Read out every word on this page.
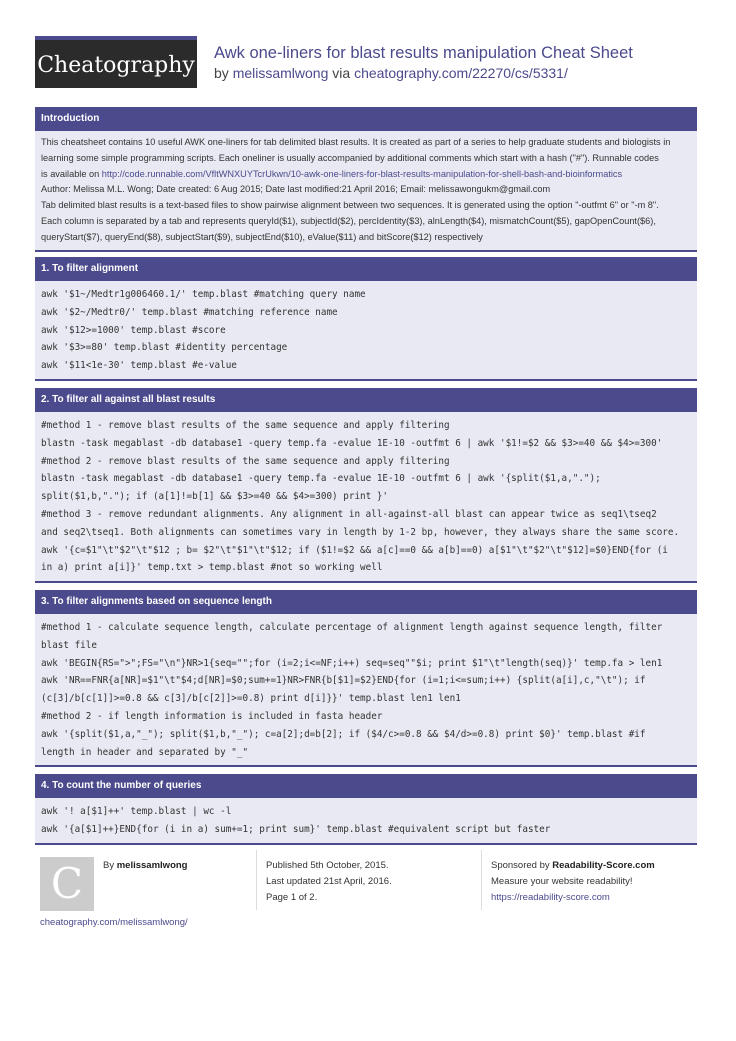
Cheatography Awk one-liners for blast results manipulation Cheat Sheet
by melissamlwong via cheatography.com/22270/cs/5331/
Introduction
This cheatsheet contains 10 useful AWK one-liners for tab delimited blast results. It is created as part of a series to help graduate students and biologists in
learning some simple programming scripts. Each oneliner is usually accompanied by additional comments which start with a hash ("#"). Runnable codes
is available on http://code.runnable.com/VfltWNXUYTcrUkwn/10-awk-one-liners-for-blast-results-manipulation-for-shell-bash-and-bioinformatics
Author: Melissa M.L. Wong; Date created: 6 Aug 2015; Date last modified:21 April 2016; Email: melissawongukm@gmail.com
Tab delimited blast results is a text-based files to show pairwise alignment between two sequences. It is generated using the option "-outfmt 6" or "-m 8".
Each column is separated by a tab and represents queryId($1), subjectId($2), percIdentity($3), alnLength($4), mismatchCount($5), gapOpenCount($6),
queryStart($7), queryEnd($8), subjectStart($9), subjectEnd($10), eValue($11) and bitScore($12) respectively
1. To filter alignment
awk '$1~/Medtr1g006460.1/' temp.blast #matching query name
awk '$2~/Medtr0/' temp.blast #matching reference name
awk '$12>=1000' temp.blast #score
awk '$3>=80' temp.blast #identity percentage
awk '$11<1e-30' temp.blast #e-value
2. To filter all against all blast results
#method 1 - remove blast results of the same sequence and apply filtering
blastn -task megablast -db database1 -query temp.fa -evalue 1E-10 -outfmt 6 | awk '$1!=$2 && $3>=40 && $4>=300'
#method 2 - remove blast results of the same sequence and apply filtering
blastn -task megablast -db database1 -query temp.fa -evalue 1E-10 -outfmt 6 | awk '{split($1,a,".");
split($1,b,"."); if (a[1]!=b[1] && $3>=40 && $4>=300) print }'
#method 3 - remove redundant alignments. Any alignment in all-against-all blast can appear twice as seq1\tseq2
and seq2\tseq1. Both alignments can sometimes vary in length by 1-2 bp, however, they always share the same score.
awk '{c=$1"\t"$2"\t"$12 ; b= $2"\t"$1"\t"$12; if ($1!=$2 && a[c]==0 && a[b]==0) a[$1"\t"$2"\t"$12]=$0}END{for (i
in a) print a[i]}' temp.txt > temp.blast #not so working well
3. To filter alignments based on sequence length
#method 1 - calculate sequence length, calculate percentage of alignment length against sequence length, filter
blast file
awk 'BEGIN{RS=">";FS="\n"}NR>1{seq="";for (i=2;i<=NF;i++) seq=seq""$i; print $1"\t"length(seq)}' temp.fa > len1
awk 'NR==FNR{a[NR]=$1"\t"$4;d[NR]=$0;sum+=1}NR>FNR{b[$1]=$2}END{for (i=1;i<=sum;i++) {split(a[i],c,"\t"); if
(c[3]/b[c[1]]>=0.8 && c[3]/b[c[2]]>=0.8) print d[i]}}' temp.blast len1 len1
#method 2 - if length information is included in fasta header
awk '{split($1,a,"_"); split($1,b,"_"); c=a[2];d=b[2]; if ($4/c>=0.8 && $4/d>=0.8) print $0}' temp.blast #if
length in header and separated by "_"
4. To count the number of queries
awk '! a[$1]++' temp.blast | wc -l
awk '{a[$1]++}END{for (i in a) sum+=1; print sum}' temp.blast #equivalent script but faster
C	By melissamlwong
cheatography.com/melissamlwong/
Published 5th October, 2015.
Last updated 21st April, 2016.
Page 1 of 2.
Sponsored by Readability-Score.com
Measure your website readability!
https://readability-score.com
